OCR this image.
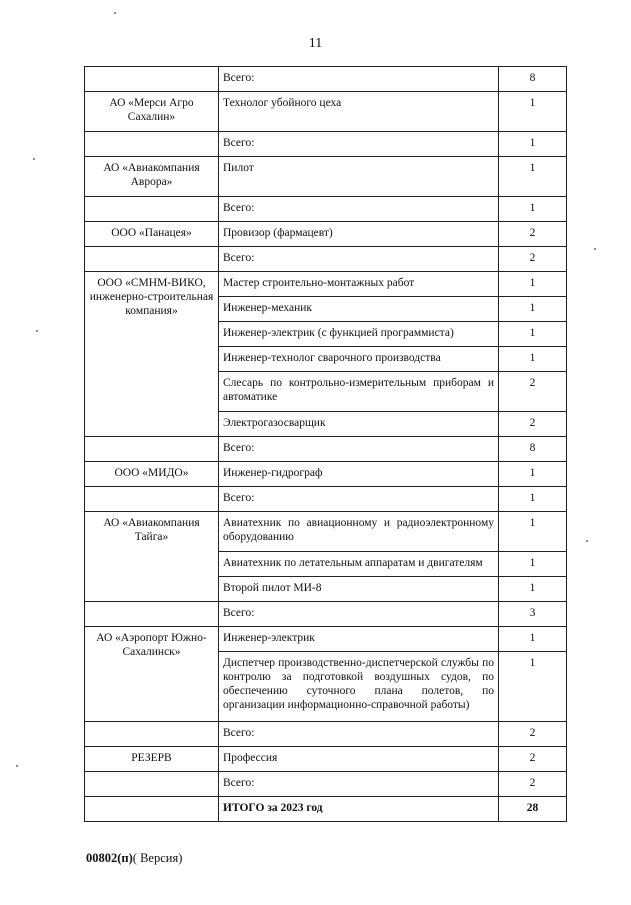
11
	Всего:	8
АО «Мерси Агро Сахалин»	Технолог убойного цеха	1
	Всего:	1
АО «Авиакомпания Аврора»	Пилот	1
	Всего:	1
ООО «Панацея»	Провизор (фармацевт)	2
	Всего:	2
ООО «СМНМ-ВИКО, инженерно-строительная компания»	Мастер строительно-монтажных работ	1
	Инженер-механик	1
	Инженер-электрик (с функцией программиста)	1
	Инженер-технолог сварочного производства	1
	Слесарь по контрольно-измерительным приборам и автоматике	2
	Электрогазосварщик	2
	Всего:	8
ООО «МИДО»	Инженер-гидрограф	1
	Всего:	1
АО «Авиакомпания Тайга»	Авиатехник по авиационному и радиоэлектронному оборудованию	1
	Авиатехник по летательным аппаратам и двигателям	1
	Второй пилот МИ-8	1
	Всего:	3
АО «Аэропорт Южно-Сахалинск»	Инженер-электрик	1
	Диспетчер производственно-диспетчерской службы по контролю за подготовкой воздушных судов, по обеспечению суточного плана полетов, по организации информационно-справочной работы)	1
	Всего:	2
РЕЗЕРВ	Профессия	2
	Всего:	2
	ИТОГО за 2023 год	28
00802(п)( Версия)
